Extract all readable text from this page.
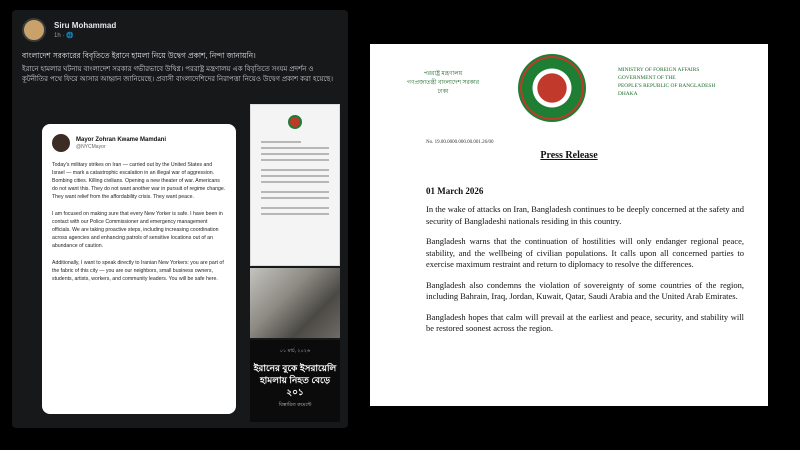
Siru Mohammad
1h · 🌐
বাংলাদেশ সরকারের বিবৃতিতে ইরানে হামলা নিয়ে উদ্বেগ প্রকাশ, নিন্দা জানায়নি।
ইরানে হামলার ঘটনায় বাংলাদেশ সরকার গভীরভাবে উদ্বিগ্ন। পররাষ্ট্র মন্ত্রণালয় এক বিবৃতিতে সংযম প্রদর্শন ও কূটনীতির পথে ফিরে আসার আহ্বান জানিয়েছে। প্রবাসী বাংলাদেশিদের নিরাপত্তা নিয়েও উদ্বেগ প্রকাশ করা হয়েছে।
Mayor Zohran Kwame Mamdani
@NYCMayor

Today's military strikes on Iran — carried out by the United States and Israel — mark a catastrophic escalation in an illegal war of aggression. Bombing cities. Killing civilians. Opening a new theater of war. Americans do not want this. They do not want another war in pursuit of regime change. They want relief from the affordability crisis. They want peace.

I am focused on making sure that every New Yorker is safe. I have been in contact with our Police Commissioner and emergency management officials. We are taking proactive steps, including increasing coordination across agencies and enhancing patrols of sensitive locations out of an abundance of caution.

Additionally, I want to speak directly to Iranian New Yorkers: you are part of the fabric of this city — you are our neighbors, small business owners, students, artists, workers, and community leaders. You will be safe here.

০১ মার্চ, ২০২৬
ইরানের বুকে ইসরায়েলি হামলায় নিহত বেড়ে ২০১
বিস্তারিত কমেন্টে
পররাষ্ট্র মন্ত্রণালয়
গণপ্রজাতন্ত্রী বাংলাদেশ সরকার
ঢাকা
MINISTRY OF FOREIGN AFFAIRS
GOVERNMENT OF THE
PEOPLE'S REPUBLIC OF BANGLADESH
DHAKA
No. 19.00.0000.000.00.001.26/00
Press Release
01 March 2026

In the wake of attacks on Iran, Bangladesh continues to be deeply concerned at the safety and security of Bangladeshi nationals residing in this country.

Bangladesh warns that the continuation of hostilities will only endanger regional peace, stability, and the wellbeing of civilian populations. It calls upon all concerned parties to exercise maximum restraint and return to diplomacy to resolve the differences.

Bangladesh also condemns the violation of sovereignty of some countries of the region, including Bahrain, Iraq, Jordan, Kuwait, Qatar, Saudi Arabia and the United Arab Emirates.

Bangladesh hopes that calm will prevail at the earliest and peace, security, and stability will be restored soonest across the region.
